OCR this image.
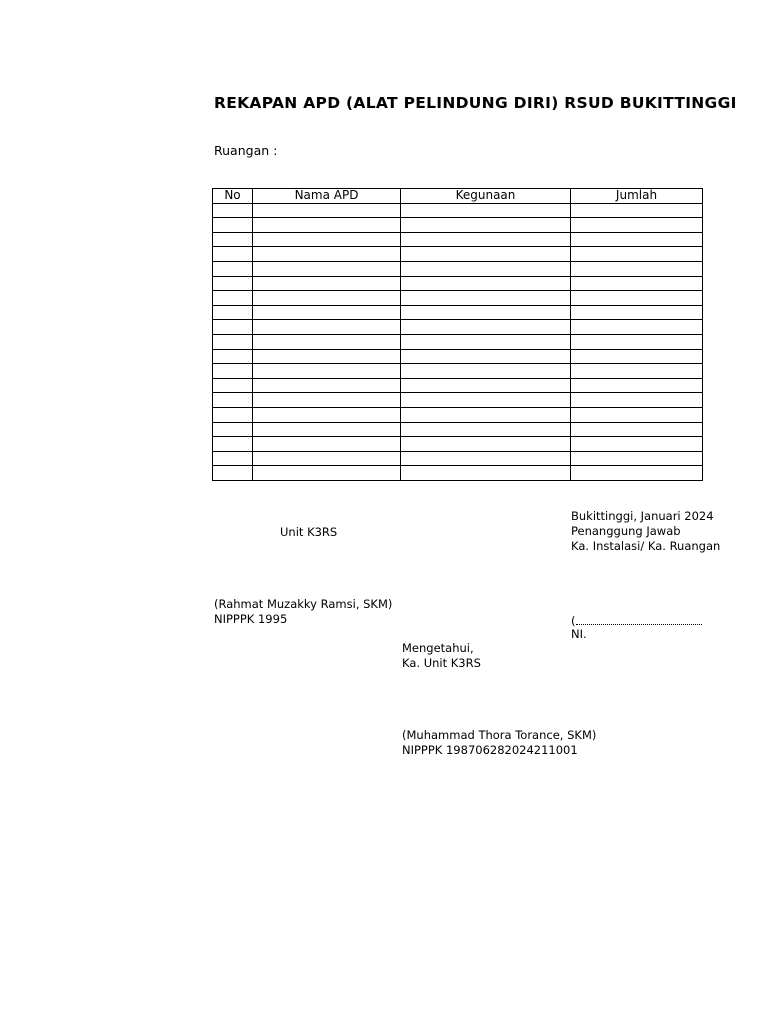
REKAPAN APD (ALAT PELINDUNG DIRI) RSUD BUKITTINGGI
Ruangan :
No	Nama APD	Kegunaan	Jumlah

Unit K3RS
(Rahmat Muzakky Ramsi, SKM)
NIPPPK 1995
Bukittinggi, Januari 2024
Penanggung Jawab
Ka. Instalasi/ Ka. Ruangan
(
NI.
Mengetahui,
Ka. Unit K3RS
(Muhammad Thora Torance, SKM)
NIPPPK 198706282024211001
